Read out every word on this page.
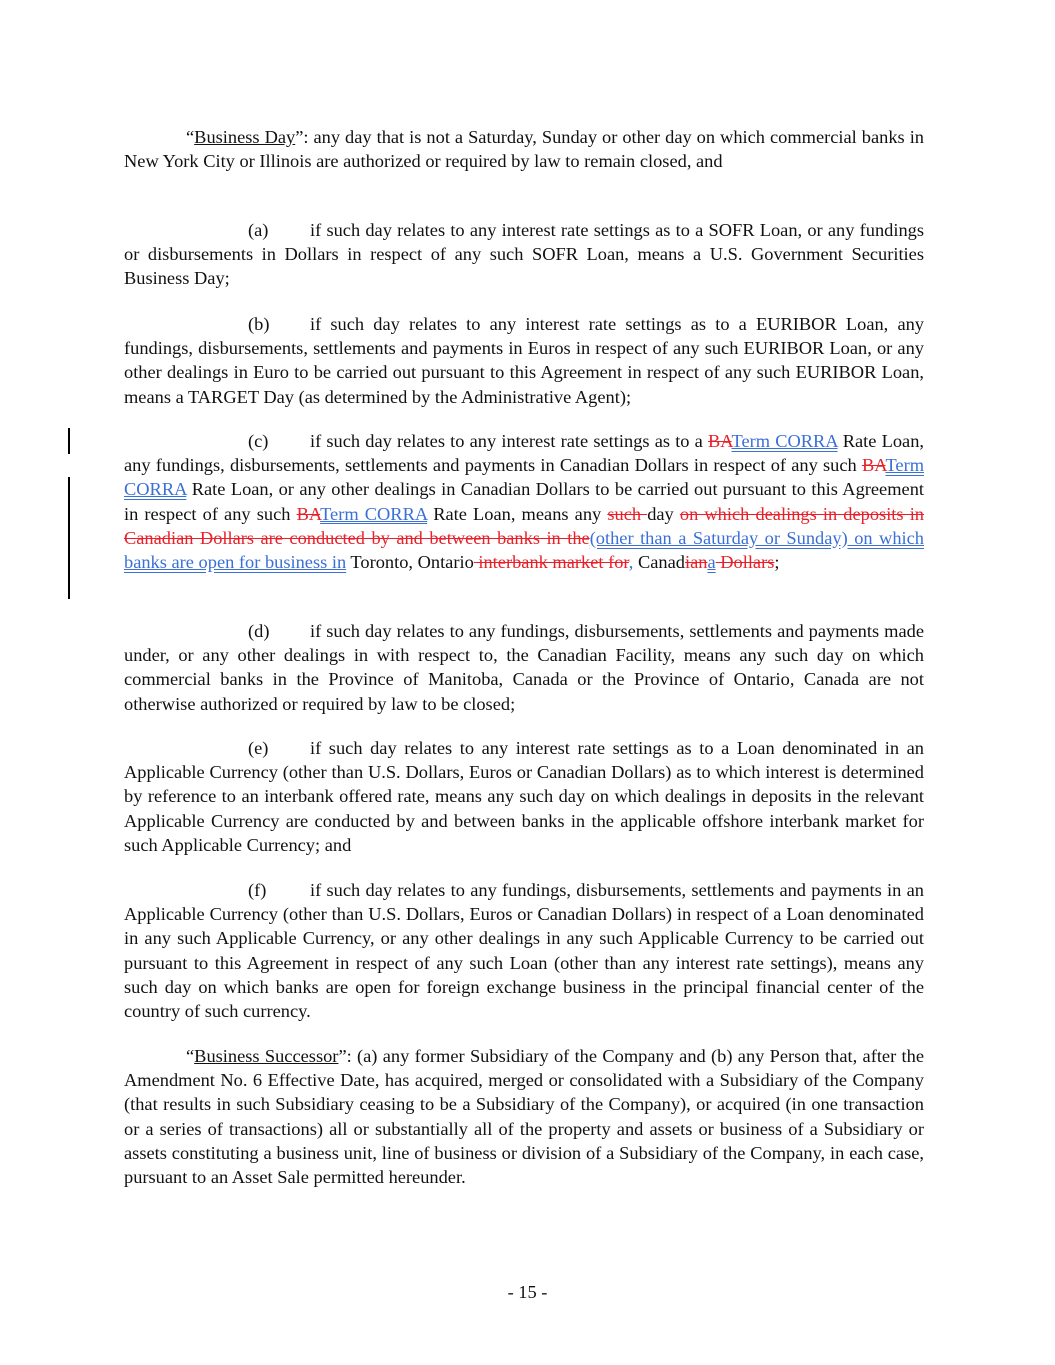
“Business Day”: any day that is not a Saturday, Sunday or other day on which commercial banks in New York City or Illinois are authorized or required by law to remain closed, and

(a) if such day relates to any interest rate settings as to a SOFR Loan, or any fundings or disbursements in Dollars in respect of any such SOFR Loan, means a U.S. Government Securities Business Day;

(b) if such day relates to any interest rate settings as to a EURIBOR Loan, any fundings, disbursements, settlements and payments in Euros in respect of any such EURIBOR Loan, or any other dealings in Euro to be carried out pursuant to this Agreement in respect of any such EURIBOR Loan, means a TARGET Day (as determined by the Administrative Agent);

(c) if such day relates to any interest rate settings as to a BATerm CORRA Rate Loan, any fundings, disbursements, settlements and payments in Canadian Dollars in respect of any such BATerm CORRA Rate Loan, or any other dealings in Canadian Dollars to be carried out pursuant to this Agreement in respect of any such BATerm CORRA Rate Loan, means any such day on which dealings in deposits in Canadian Dollars are conducted by and between banks in the(other than a Saturday or Sunday) on which banks are open for business in Toronto, Ontario interbank market for, Canadiana Dollars;

(d) if such day relates to any fundings, disbursements, settlements and payments made under, or any other dealings in with respect to, the Canadian Facility, means any such day on which commercial banks in the Province of Manitoba, Canada or the Province of Ontario, Canada are not otherwise authorized or required by law to be closed;

(e) if such day relates to any interest rate settings as to a Loan denominated in an Applicable Currency (other than U.S. Dollars, Euros or Canadian Dollars) as to which interest is determined by reference to an interbank offered rate, means any such day on which dealings in deposits in the relevant Applicable Currency are conducted by and between banks in the applicable offshore interbank market for such Applicable Currency; and

(f) if such day relates to any fundings, disbursements, settlements and payments in an Applicable Currency (other than U.S. Dollars, Euros or Canadian Dollars) in respect of a Loan denominated in any such Applicable Currency, or any other dealings in any such Applicable Currency to be carried out pursuant to this Agreement in respect of any such Loan (other than any interest rate settings), means any such day on which banks are open for foreign exchange business in the principal financial center of the country of such currency.

“Business Successor”: (a) any former Subsidiary of the Company and (b) any Person that, after the Amendment No. 6 Effective Date, has acquired, merged or consolidated with a Subsidiary of the Company (that results in such Subsidiary ceasing to be a Subsidiary of the Company), or acquired (in one transaction or a series of transactions) all or substantially all of the property and assets or business of a Subsidiary or assets constituting a business unit, line of business or division of a Subsidiary of the Company, in each case, pursuant to an Asset Sale permitted hereunder.

- 15 -
